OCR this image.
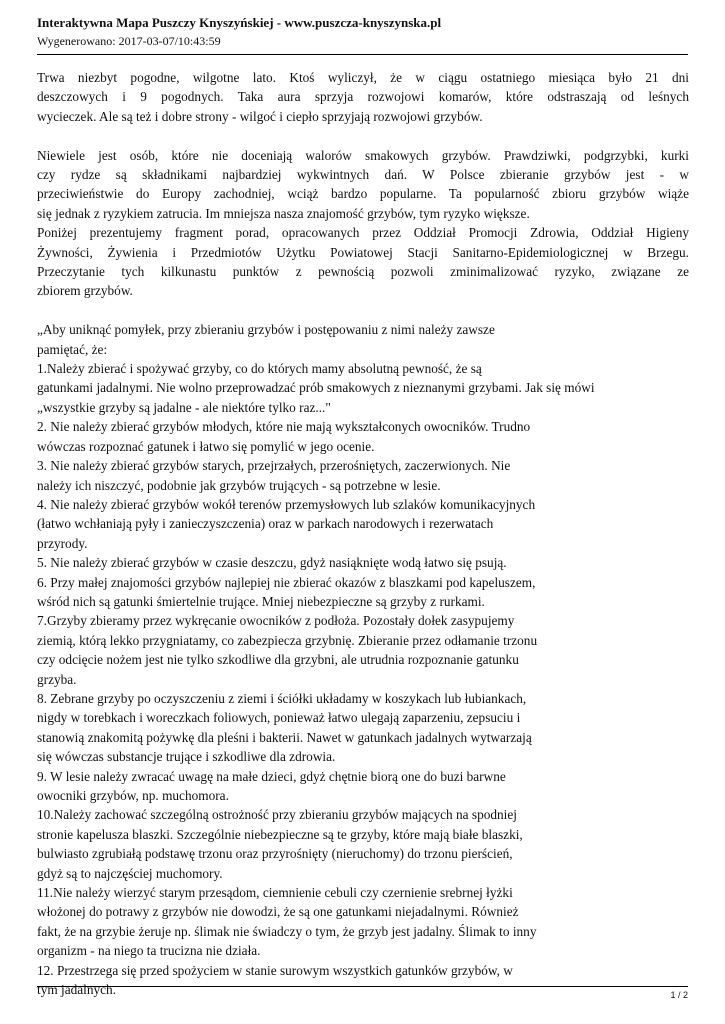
Interaktywna Mapa Puszczy Knyszyńskiej - www.puszcza-knyszynska.pl
Wygenerowano: 2017-03-07/10:43:59
Trwa niezbyt pogodne, wilgotne lato. Ktoś wyliczył, że w ciągu ostatniego miesiąca było 21 dni
deszczowych i 9 pogodnych. Taka aura sprzyja rozwojowi komarów, które odstraszają od leśnych
wycieczek. Ale są też i dobre strony - wilgoć i ciepło sprzyjają rozwojowi grzybów.
Niewiele jest osób, które nie doceniają walorów smakowych grzybów. Prawdziwki, podgrzybki, kurki
czy rydze są składnikami najbardziej wykwintnych dań. W Polsce zbieranie grzybów jest - w
przeciwieństwie do Europy zachodniej, wciąż bardzo popularne. Ta popularność zbioru grzybów wiąże
się jednak z ryzykiem zatrucia. Im mniejsza nasza znajomość grzybów, tym ryzyko większe.
Poniżej prezentujemy fragment porad, opracowanych przez Oddział Promocji Zdrowia, Oddział Higieny
Żywności, Żywienia i Przedmiotów Użytku Powiatowej Stacji Sanitarno-Epidemiologicznej w Brzegu.
Przeczytanie tych kilkunastu punktów z pewnością pozwoli zminimalizować ryzyko, związane ze
zbiorem grzybów.
„Aby uniknąć pomyłek, przy zbieraniu grzybów i postępowaniu z nimi należy zawsze
pamiętać, że:
1.Należy zbierać i spożywać grzyby, co do których mamy absolutną pewność, że są
gatunkami jadalnymi. Nie wolno przeprowadzać prób smakowych z nieznanymi grzybami. Jak się mówi
„wszystkie grzyby są jadalne - ale niektóre tylko raz..."
2. Nie należy zbierać grzybów młodych, które nie mają wykształconych owocników. Trudno
wówczas rozpoznać gatunek i łatwo się pomylić w jego ocenie.
3. Nie należy zbierać grzybów starych, przejrzałych, przerośniętych, zaczerwionych. Nie
należy ich niszczyć, podobnie jak grzybów trujących - są potrzebne w lesie.
4. Nie należy zbierać grzybów wokół terenów przemysłowych lub szlaków komunikacyjnych
(łatwo wchłaniają pyły i zanieczyszczenia) oraz w parkach narodowych i rezerwatach
przyrody.
5. Nie należy zbierać grzybów w czasie deszczu, gdyż nasiąknięte wodą łatwo się psują.
6. Przy małej znajomości grzybów najlepiej nie zbierać okazów z blaszkami pod kapeluszem,
wśród nich są gatunki śmiertelnie trujące. Mniej niebezpieczne są grzyby z rurkami.
7.Grzyby zbieramy przez wykręcanie owocników z podłoża. Pozostały dołek zasypujemy
ziemią, którą lekko przygniatamy, co zabezpiecza grzybnię. Zbieranie przez odłamanie trzonu
czy odcięcie nożem jest nie tylko szkodliwe dla grzybni, ale utrudnia rozpoznanie gatunku
grzyba.
8. Zebrane grzyby po oczyszczeniu z ziemi i ściółki układamy w koszykach lub łubiankach,
nigdy w torebkach i woreczkach foliowych, ponieważ łatwo ulegają zaparzeniu, zepsuciu i
stanowią znakomitą pożywkę dla pleśni i bakterii. Nawet w gatunkach jadalnych wytwarzają
się wówczas substancje trujące i szkodliwe dla zdrowia.
9. W lesie należy zwracać uwagę na małe dzieci, gdyż chętnie biorą one do buzi barwne
owocniki grzybów, np. muchomora.
10.Należy zachować szczególną ostrożność przy zbieraniu grzybów mających na spodniej
stronie kapelusza blaszki. Szczególnie niebezpieczne są te grzyby, które mają białe blaszki,
bulwiasto zgrubiałą podstawę trzonu oraz przyrośnięty (nieruchomy) do trzonu pierścień,
gdyż są to najczęściej muchomory.
11.Nie należy wierzyć starym przesądom, ciemnienie cebuli czy czernienie srebrnej łyżki
włożonej do potrawy z grzybów nie dowodzi, że są one gatunkami niejadalnymi. Również
fakt, że na grzybie żeruje np. ślimak nie świadczy o tym, że grzyb jest jadalny. Ślimak to inny
organizm - na niego ta trucizna nie działa.
12. Przestrzega się przed spożyciem w stanie surowym wszystkich gatunków grzybów, w
tym jadalnych.	1 / 2
